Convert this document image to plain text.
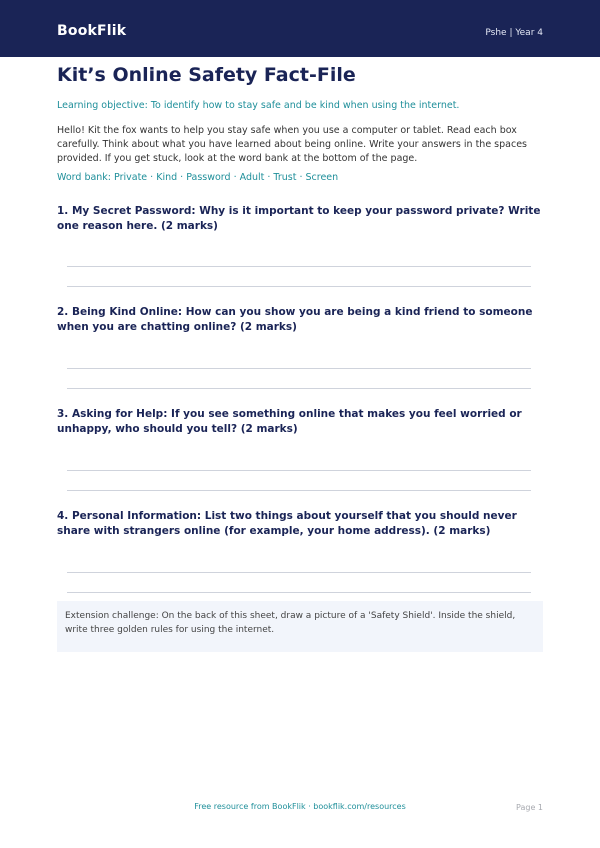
BookFlik	Pshe | Year 4
Kit’s Online Safety Fact-File
Learning objective: To identify how to stay safe and be kind when using the internet.
Hello! Kit the fox wants to help you stay safe when you use a computer or tablet. Read each box carefully. Think about what you have learned about being online. Write your answers in the spaces provided. If you get stuck, look at the word bank at the bottom of the page.
Word bank: Private · Kind · Password · Adult · Trust · Screen
1. My Secret Password: Why is it important to keep your password private? Write one reason here. (2 marks)
2. Being Kind Online: How can you show you are being a kind friend to someone when you are chatting online? (2 marks)
3. Asking for Help: If you see something online that makes you feel worried or unhappy, who should you tell? (2 marks)
4. Personal Information: List two things about yourself that you should never share with strangers online (for example, your home address). (2 marks)
Extension challenge: On the back of this sheet, draw a picture of a 'Safety Shield'. Inside the shield, write three golden rules for using the internet.
Free resource from BookFlik · bookflik.com/resources	Page 1
